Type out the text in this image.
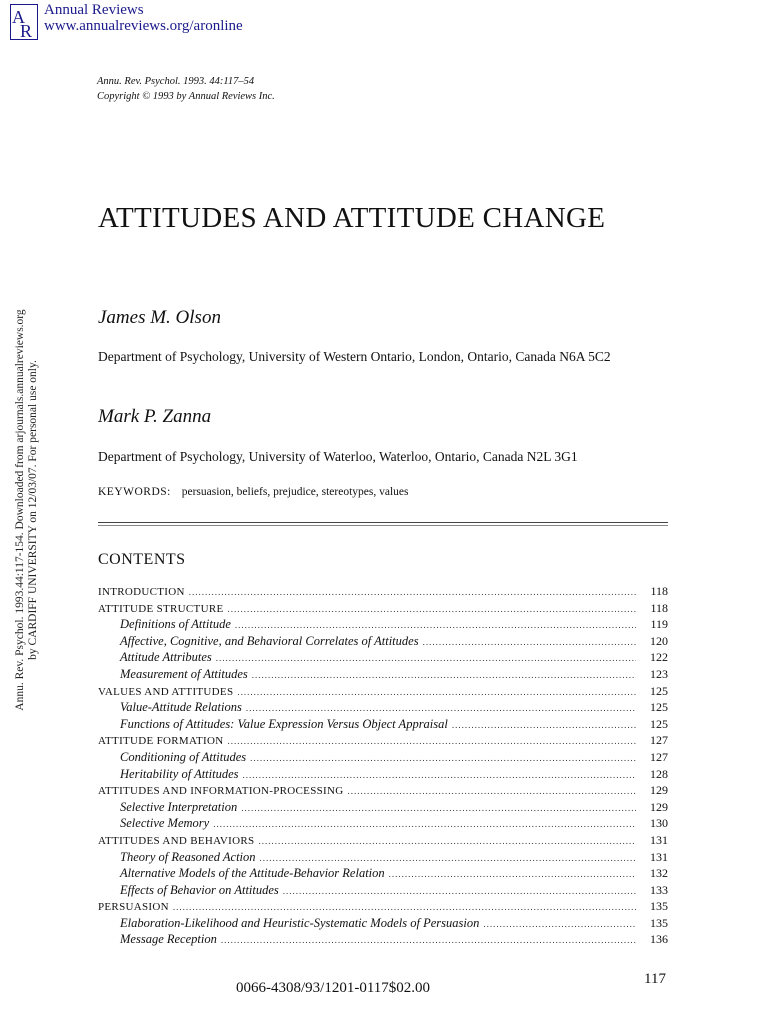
A
R
Annual Reviews
www.annualreviews.org/aronline
Annu. Rev. Psychol. 1993.44:117-154. Downloaded from arjournals.annualreviews.org by CARDIFF UNIVERSITY on 12/03/07. For personal use only.
Annu. Rev. Psychol. 1993. 44:117–54
Copyright © 1993 by Annual Reviews Inc.
ATTITUDES AND ATTITUDE CHANGE
James M. Olson
Department of Psychology, University of Western Ontario, London, Ontario, Canada N6A 5C2
Mark P. Zanna
Department of Psychology, University of Waterloo, Waterloo, Ontario, Canada N2L 3G1
KEYWORDS: persuasion, beliefs, prejudice, stereotypes, values
CONTENTS
INTRODUCTION .....	118
ATTITUDE STRUCTURE .....	118
Definitions of Attitude .....	119
Affective, Cognitive, and Behavioral Correlates of Attitudes .....	120
Attitude Attributes .....	122
Measurement of Attitudes .....	123
VALUES AND ATTITUDES .....	125
Value-Attitude Relations .....	125
Functions of Attitudes: Value Expression Versus Object Appraisal .....	125
ATTITUDE FORMATION .....	127
Conditioning of Attitudes .....	127
Heritability of Attitudes .....	128
ATTITUDES AND INFORMATION-PROCESSING .....	129
Selective Interpretation .....	129
Selective Memory .....	130
ATTITUDES AND BEHAVIORS .....	131
Theory of Reasoned Action .....	131
Alternative Models of the Attitude-Behavior Relation .....	132
Effects of Behavior on Attitudes .....	133
PERSUASION .....	135
Elaboration-Likelihood and Heuristic-Systematic Models of Persuasion .....	135
Message Reception .....	136
117
0066-4308/93/1201-0117$02.00
